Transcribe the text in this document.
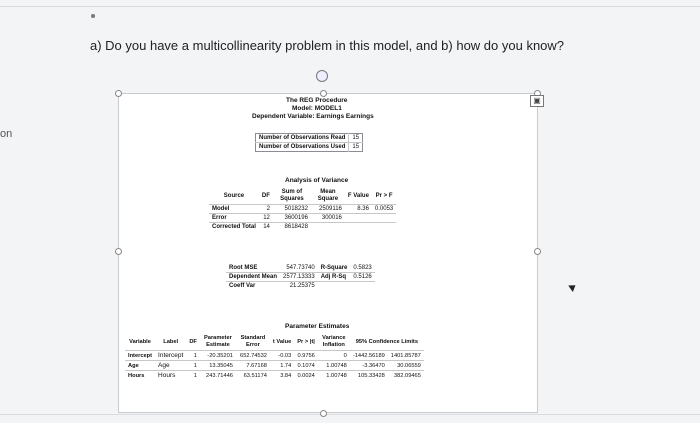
on
a) Do you have a multicollinearity problem in this model, and b) how do you know?
▣
The REG Procedure
Model: MODEL1
Dependent Variable: Earnings Earnings
Number of Observations Read	15
Number of Observations Used	15
Analysis of Variance
Source	DF	Sum of Squares	Mean Square	F Value	Pr > F
Model	2	5018232	2509116	8.36	0.0053
Error	12	3600196	300016		
Corrected Total	14	8618428			
Root MSE	547.73740	R-Square	0.5823
Dependent Mean	2577.13333	Adj R-Sq	0.5126
Coeff Var	21.25375		
Parameter Estimates
Variable	Label	DF	Parameter Estimate	Standard Error	t Value	Pr > |t|	Variance Inflation	95% Confidence Limits	
Intercept	Intercept	1	-20.35201	652.74532	-0.03	0.9756	0	-1442.56189	1401.85787
Age	Age	1	13.35045	7.67168	1.74	0.1074	1.00748	-3.36470	30.06559
Hours	Hours	1	243.71446	63.51174	3.84	0.0024	1.00748	105.33428	382.09465
